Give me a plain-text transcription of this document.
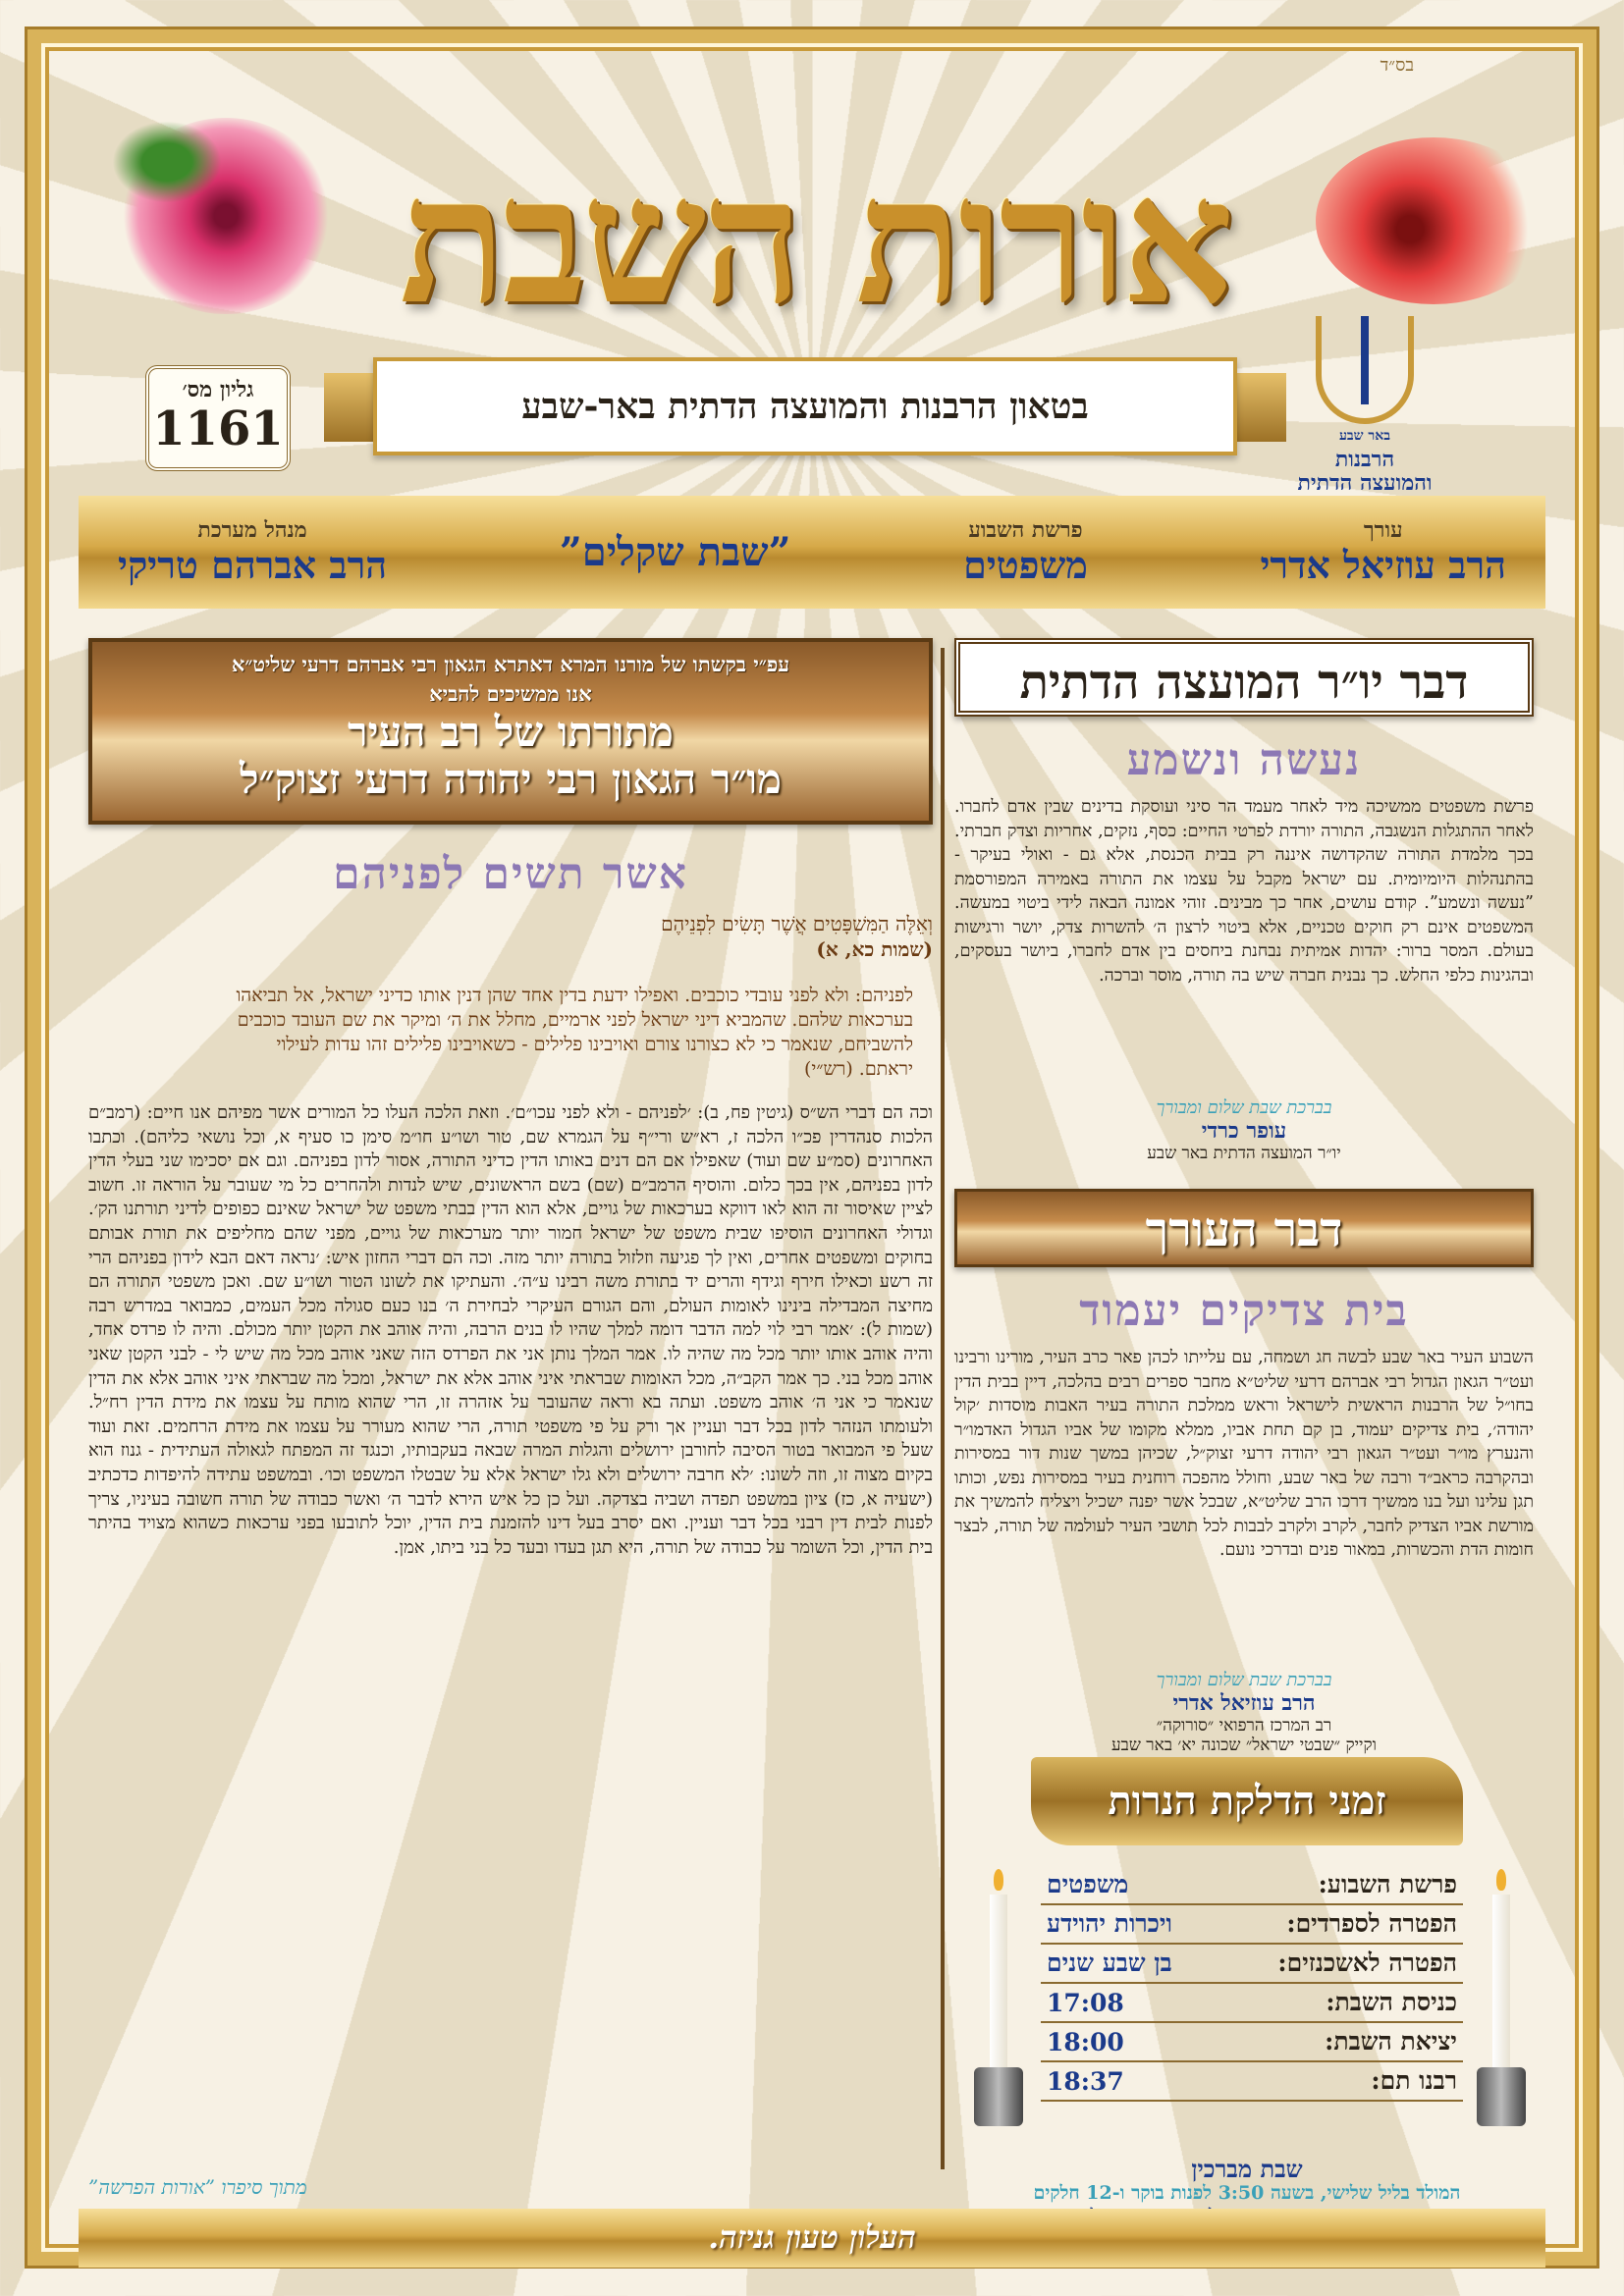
בס״ד
אורות השבת
גליון מס׳
1161	בטאון הרבנות והמועצה הדתית באר-שבע
באר שבע
הרבנות
והמועצה הדתית
עורך
הרב עוזיאל אדרי
פרשת השבוע
משפטים
”שבת שקלים”
מנהל מערכת
הרב אברהם טריקי
דבר יו״ר המועצה הדתית
נעשה ונשמע

פרשת משפטים ממשיכה מיד לאחר מעמד הר סיני ועוסקת בדינים שבין אדם לחברו. לאחר ההתגלות הנשגבה, התורה יורדת לפרטי החיים: כסף, נזקים, אחריות וצדק חברתי. בכך מלמדת התורה שהקדושה איננה רק בבית הכנסת, אלא גם - ואולי בעיקר - בהתנהלות היומיומית. עם ישראל מקבל על עצמו את התורה באמירה המפורסמת ”נעשה ונשמע”. קודם עושים, אחר כך מבינים. זוהי אמונה הבאה לידי ביטוי במעשה. המשפטים אינם רק חוקים טכניים, אלא ביטוי לרצון ה׳ להשרות צדק, יושר ורגישות בעולם. המסר ברור: יהדות אמיתית נבחנת ביחסים בין אדם לחברו, ביושר בעסקים, ובהגינות כלפי החלש. כך נבנית חברה שיש בה תורה, מוסר וברכה.

בברכת שבת שלום ומבורך
עופר כרדי
יו״ר המועצה הדתית באר שבע
דבר העורך
בית צדיקים יעמוד

השבוע העיר באר שבע לבשה חג ושמחה, עם עלייתו לכהן פאר כרב העיר, מורינו ורבינו ועט״ר הגאון הגדול רבי אברהם דרעי שליט״א מחבר ספרים רבים בהלכה, דיין בבית הדין בחו״ל של הרבנות הראשית לישראל וראש ממלכת התורה בעיר האבות מוסדות ׳קול יהודה׳, בית צדיקים יעמוד, בן קם תחת אביו, ממלא מקומו של אביו הגדול האדמו״ר והנערץ מו״ר ועט״ר הגאון רבי יהודה דרעי זצוק״ל, שכיהן במשך שנות דור במסירות ובהקרבה כראב״ד ורבה של באר שבע, וחולל מהפכה רוחנית בעיר במסירות נפש, וכותו תגן עלינו ועל בנו ממשיך דרכו הרב שליט״א, שבכל אשר יפנה ישכיל ויצליח להמשיך את מורשת אביו הצדיק לחבר, לקרב ולקרב לבבות לכל תושבי העיר לעולמה של תורה, לבצר חומות הדת והכשרות, במאור פנים ובדרכי נועם.

בברכת שבת שלום ומבורך
הרב עוזיאל אדרי
רב המרכז הרפואי ״סורוקה״
וקייק ״שבטי ישראל״ שכונה יא׳ באר שבע
זמני הדלקת הנרות
פרשת השבוע:	משפטים
הפטרה לספרדים:	ויכרות יהוידע
הפטרה לאשכנזים:	בן שבע שנים
כניסת השבת:	17:08
יציאת השבת:	18:00
רבנו תם:	18:37
שבת מברכין
המולד בליל שלישי, בשעה 3:50 לפנות בוקר ו-12 חלקים
עפ״י בקשתו של מורנו המרא דאתרא הגאון רבי אברהם דרעי שליט״א
אנו ממשיכים להביא
מתורתו של רב העיר
מו״ר הגאון רבי יהודה דרעי זצוק״ל
אשר תשים לפניהם
וְאֵלֶּה הַמִּשְׁפָּטִים אֲשֶׁר תָּשִׂים לִפְנֵיהֶם
(שמות כא, א)

לפניהם: ולא לפני עובדי כוכבים. ואפילו ידעת בדין אחד שהן דנין אותו כדיני ישראל, אל תביאהו בערכאות שלהם. שהמביא דיני ישראל לפני ארמיים, מחלל את ה׳ ומיקר את שם העובד כוכבים להשביחם, שנאמר כי לא כצורנו צורם ואויבינו פלילים - כשאויבינו פלילים זהו עדות לעילוי יראתם. (רש״י)

וכה הם דברי הש״ס (גיטין פח, ב): ׳לפניהם - ולא לפני עכו״ם׳. וזאת הלכה העלו כל המורים אשר מפיהם אנו חיים: (רמב״ם הלכות סנהדרין פכ״ו הלכה ז, רא״ש ורי״ף על הגמרא שם, טור ושו״ע חו״מ סימן כו סעיף א, וכל נושאי כליהם). וכתבו האחרונים (סמ״ע שם ועוד) שאפילו אם הם דנים באותו הדין כדיני התורה, אסור לדון בפניהם. וגם אם יסכימו שני בעלי הדין לדון בפניהם, אין בכך כלום. והוסיף הרמב״ם (שם) בשם הראשונים, שיש לנדות ולהחרים כל מי שעובר על הוראה זו. חשוב לציין שאיסור זה הוא לאו דווקא בערכאות של גויים, אלא הוא הדין בבתי משפט של ישראל שאינם כפופים לדיני תורתנו הק׳. וגדולי האחרונים הוסיפו שבית משפט של ישראל חמור יותר מערכאות של גויים, מפני שהם מחליפים את תורת אבותם בחוקים ומשפטים אחרים, ואין לך פגיעה וזלזול בתורה יותר מזה. וכה הם דברי החזון איש: ׳נראה דאם הבא לידון בפניהם הרי זה רשע וכאילו חירף וגידף והרים יד בתורת משה רבינו ע״ה׳. והעתיקו את לשונו הטור ושו״ע שם. ואכן משפטי התורה הם מחיצה המבדילה בינינו לאומות העולם, והם הגורם העיקרי לבחירת ה׳ בנו כעם סגולה מכל העמים, כמבואר במדרש רבה (שמות ל): ׳אמר רבי לוי למה הדבר דומה למלך שהיו לו בנים הרבה, והיה אוהב את הקטן יותר מכולם. והיה לו פרדס אחד, והיה אוהב אותו יותר מכל מה שהיה לו. אמר המלך נותן אני את הפרדס הזה שאני אוהב מכל מה שיש לי - לבני הקטן שאני אוהב מכל בני. כך אמר הקב״ה, מכל האומות שבראתי איני אוהב אלא את ישראל, ומכל מה שבראתי איני אוהב אלא את הדין שנאמר כי אני ה׳ אוהב משפט. ועתה בא וראה שהעובר על אזהרה זו, הרי שהוא מותח על עצמו את מידת הדין רח״ל. ולעומתו הנזהר לדון בכל דבר ועניין אך ורק על פי משפטי תורה, הרי שהוא מעורר על עצמו את מידת הרחמים. זאת ועוד שעל פי המבואר בטור הסיבה לחורבן ירושלים והגלות המרה שבאה בעקבותיו, וכנגד זה המפתח לגאולה העתידית - גנוז הוא בקיום מצוה זו, וזה לשונו: ׳לא חרבה ירושלים ולא גלו ישראל אלא על שבטלו המשפט וכו׳. ובמשפט עתידה להיפדות כדכתיב (ישעיה א, כז) ציון במשפט תפדה ושביה בצדקה. ועל כן כל איש הירא לדבר ה׳ ואשר כבודה של תורה חשובה בעיניו, צריך לפנות לבית דין רבני בכל דבר ועניין. ואם יסרב בעל דינו להזמנת בית הדין, יוכל לתובעו בפני ערכאות כשהוא מצויד בהיתר בית הדין, וכל השומר על כבודה של תורה, היא תגן בעדו ובעד כל בני ביתו, אמן.

מתוך סיפרו ”אורות הפרשה”
העלון טעון גניזה.
